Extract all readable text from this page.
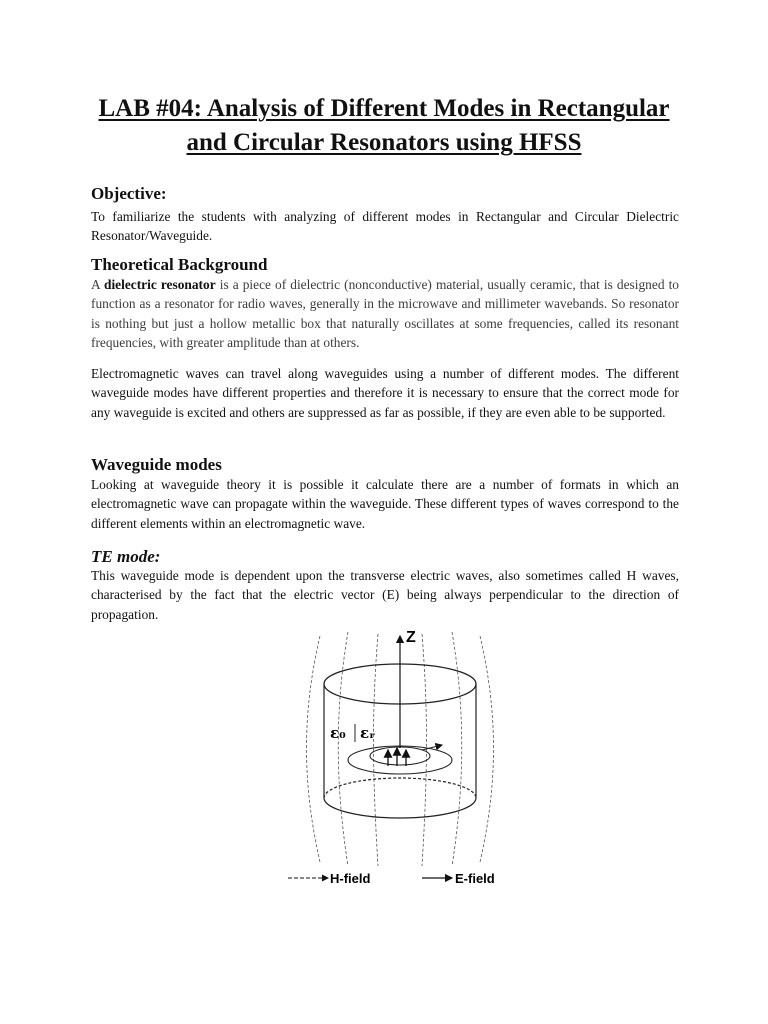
LAB #04: Analysis of Different Modes in Rectangular
and Circular Resonators using HFSS
Objective:
To familiarize the students with analyzing of different modes in Rectangular and Circular Dielectric Resonator/Waveguide.
Theoretical Background
A dielectric resonator is a piece of dielectric (nonconductive) material, usually ceramic, that is designed to function as a resonator for radio waves, generally in the microwave and millimeter wavebands. So resonator is nothing but just a hollow metallic box that naturally oscillates at some frequencies, called its resonant frequencies, with greater amplitude than at others.
Electromagnetic waves can travel along waveguides using a number of different modes. The different waveguide modes have different properties and therefore it is necessary to ensure that the correct mode for any waveguide is excited and others are suppressed as far as possible, if they are even able to be supported.
Waveguide modes
Looking at waveguide theory it is possible it calculate there are a number of formats in which an electromagnetic wave can propagate within the waveguide. These different types of waves correspond to the different elements within an electromagnetic wave.
TE mode:
This waveguide mode is dependent upon the transverse electric waves, also sometimes called H waves, characterised by the fact that the electric vector (E) being always perpendicular to the direction of propagation.
Z
ε₀ εᵣ
H-field	E-field
